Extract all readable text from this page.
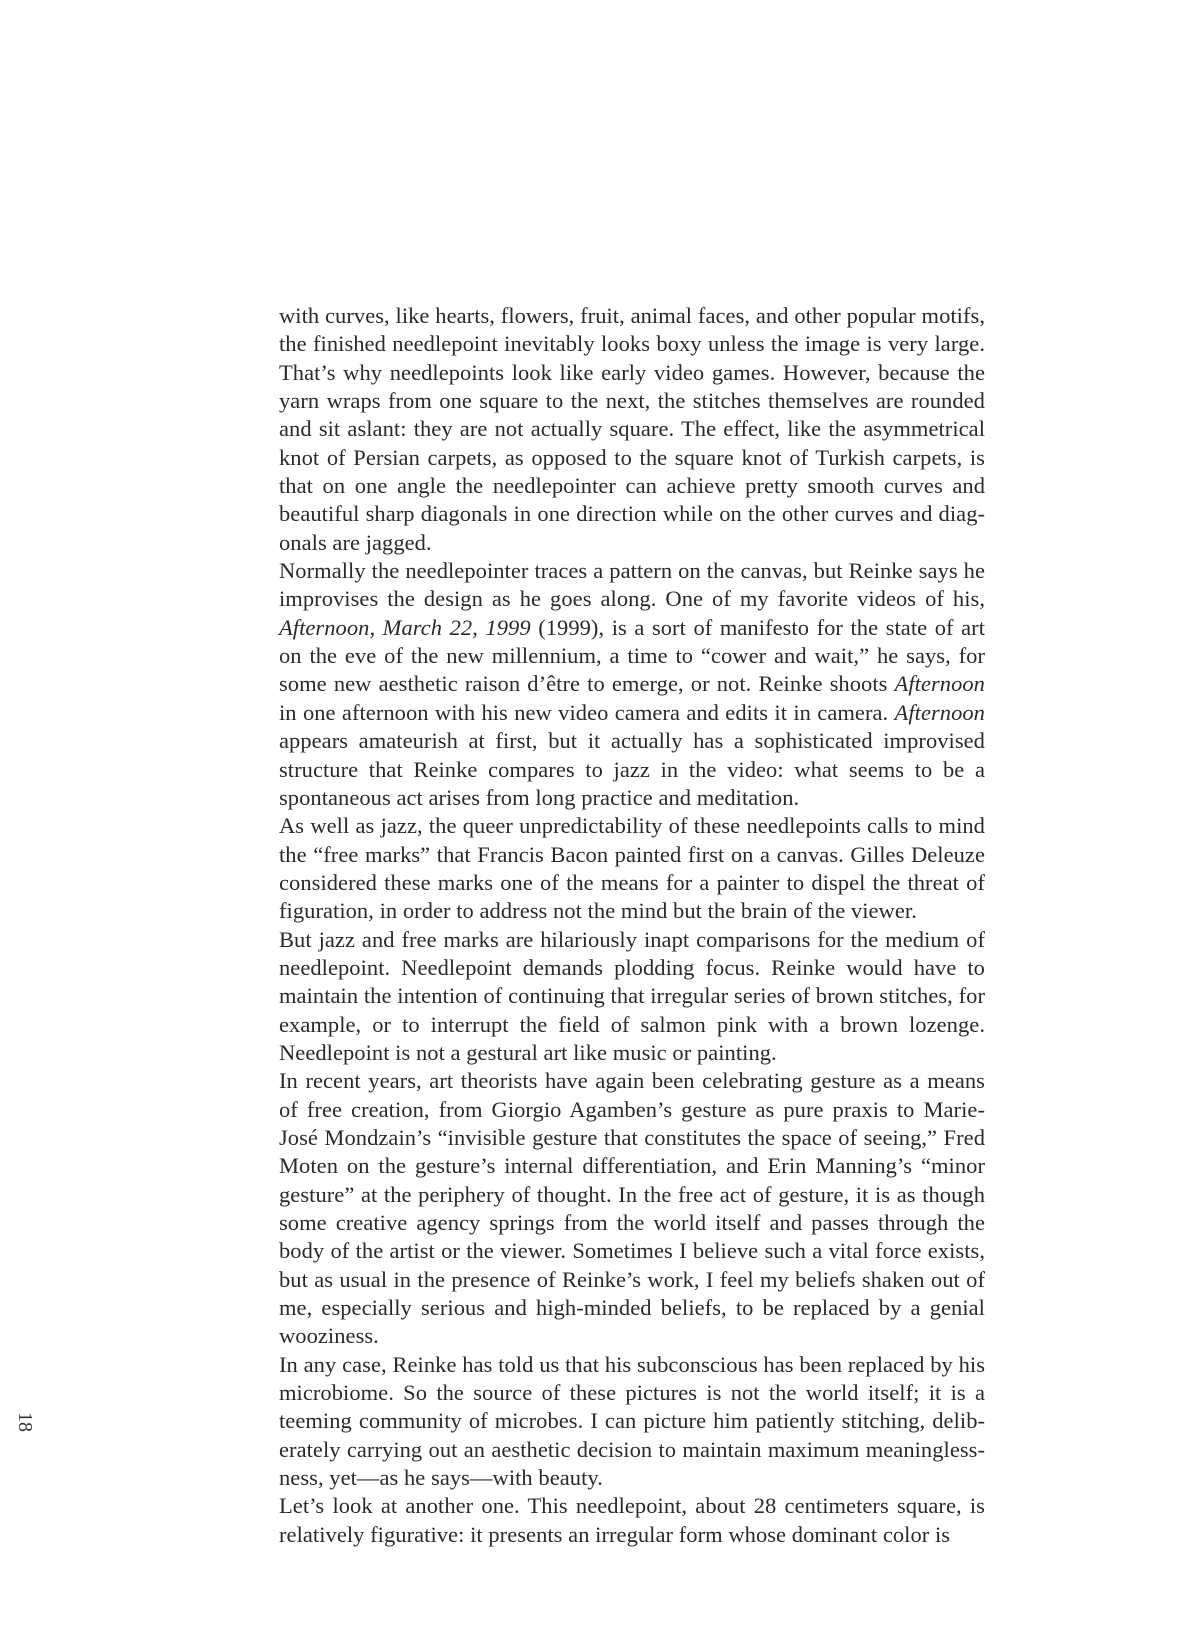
with curves, like hearts, flowers, fruit, animal faces, and other popular motifs, the finished needlepoint inevitably looks boxy unless the image is very large. That’s why needlepoints look like early video games. However, because the yarn wraps from one square to the next, the stitches themselves are rounded and sit aslant: they are not actually square. The effect, like the asymmetrical knot of Persian carpets, as opposed to the square knot of Turkish carpets, is that on one angle the needlepointer can achieve pretty smooth curves and beautiful sharp diagonals in one direction while on the other curves and diagonals are jagged.

Normally the needlepointer traces a pattern on the canvas, but Reinke says he improvises the design as he goes along. One of my favorite videos of his, Afternoon, March 22, 1999 (1999), is a sort of manifesto for the state of art on the eve of the new millennium, a time to “cower and wait,” he says, for some new aesthetic raison d’être to emerge, or not. Reinke shoots Afternoon in one afternoon with his new video camera and edits it in camera. Afternoon appears amateurish at first, but it actually has a sophisticated improvised structure that Reinke compares to jazz in the video: what seems to be a spontaneous act arises from long practice and meditation.

As well as jazz, the queer unpredictability of these needlepoints calls to mind the “free marks” that Francis Bacon painted first on a canvas. Gilles Deleuze considered these marks one of the means for a painter to dispel the threat of figuration, in order to address not the mind but the brain of the viewer.

But jazz and free marks are hilariously inapt comparisons for the medium of needlepoint. Needlepoint demands plodding focus. Reinke would have to maintain the intention of continuing that irregular series of brown stitches, for example, or to interrupt the field of salmon pink with a brown lozenge. Needlepoint is not a gestural art like music or painting.

In recent years, art theorists have again been celebrating gesture as a means of free creation, from Giorgio Agamben’s gesture as pure praxis to Marie-José Mondzain’s “invisible gesture that constitutes the space of seeing,” Fred Moten on the gesture’s internal differentiation, and Erin Manning’s “minor gesture” at the periphery of thought. In the free act of gesture, it is as though some creative agency springs from the world itself and passes through the body of the artist or the viewer. Sometimes I believe such a vital force exists, but as usual in the presence of Reinke’s work, I feel my beliefs shaken out of me, especially serious and high-minded beliefs, to be replaced by a genial wooziness.

In any case, Reinke has told us that his subconscious has been replaced by his microbiome. So the source of these pictures is not the world itself; it is a teeming community of microbes. I can picture him patiently stitching, deliberately carrying out an aesthetic decision to maintain maximum meaninglessness, yet—as he says—with beauty.

Let’s look at another one. This needlepoint, about 28 centimeters square, is relatively figurative: it presents an irregular form whose dominant color is

18
